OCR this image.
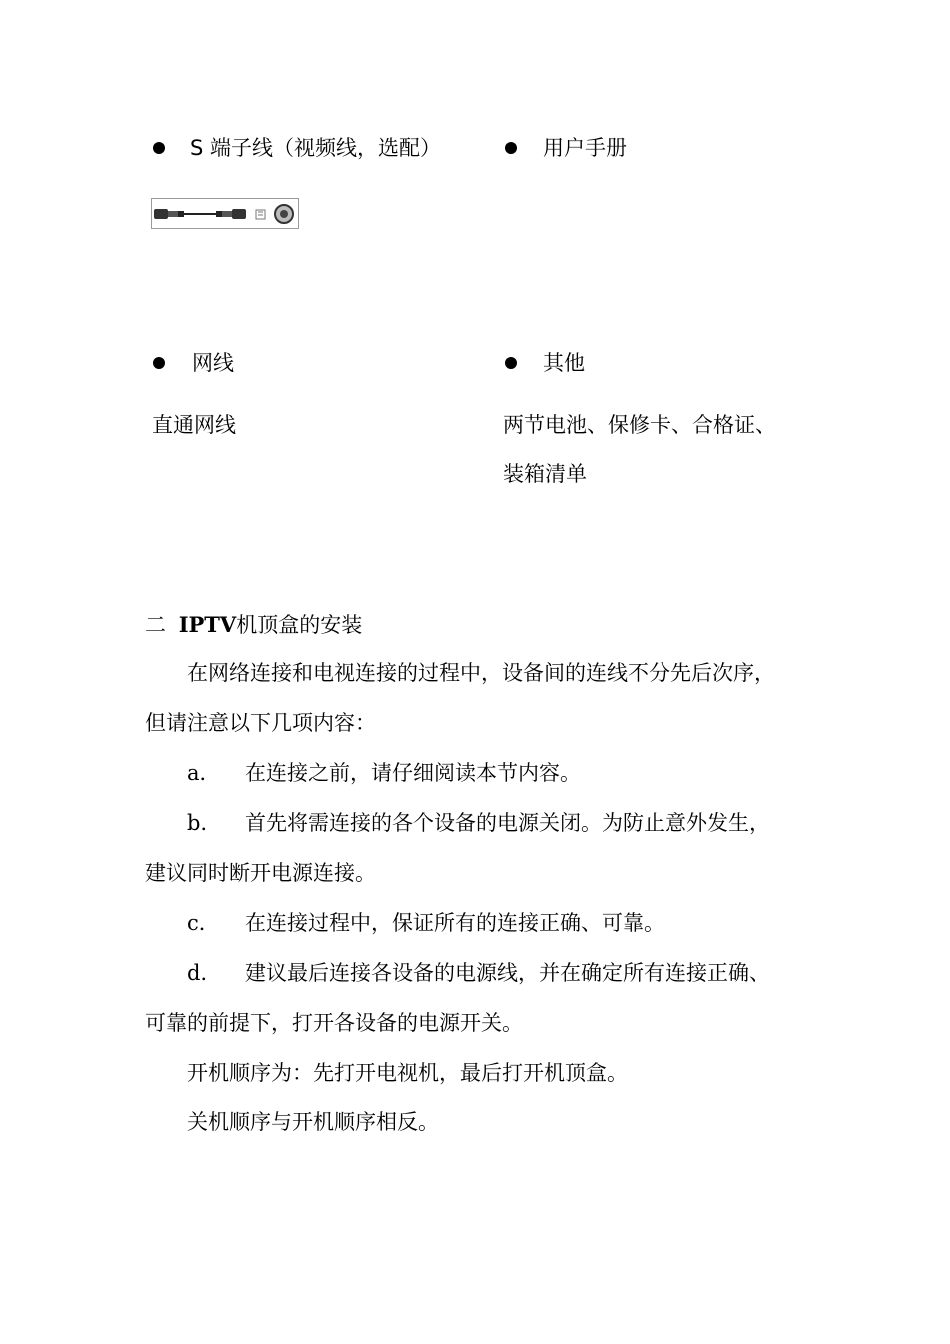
S 端子线（视频线，选配）	用户手册
网线	其他
直通网线	两节电池、保修卡、合格证、
装箱清单
二 IPTV机顶盒的安装
在网络连接和电视连接的过程中，设备间的连线不分先后次序，
但请注意以下几项内容：
a． 在连接之前，请仔细阅读本节内容。
b． 首先将需连接的各个设备的电源关闭。为防止意外发生，
建议同时断开电源连接。
c． 在连接过程中，保证所有的连接正确、可靠。
d． 建议最后连接各设备的电源线，并在确定所有连接正确、
可靠的前提下，打开各设备的电源开关。
开机顺序为：先打开电视机，最后打开机顶盒。
关机顺序与开机顺序相反。
